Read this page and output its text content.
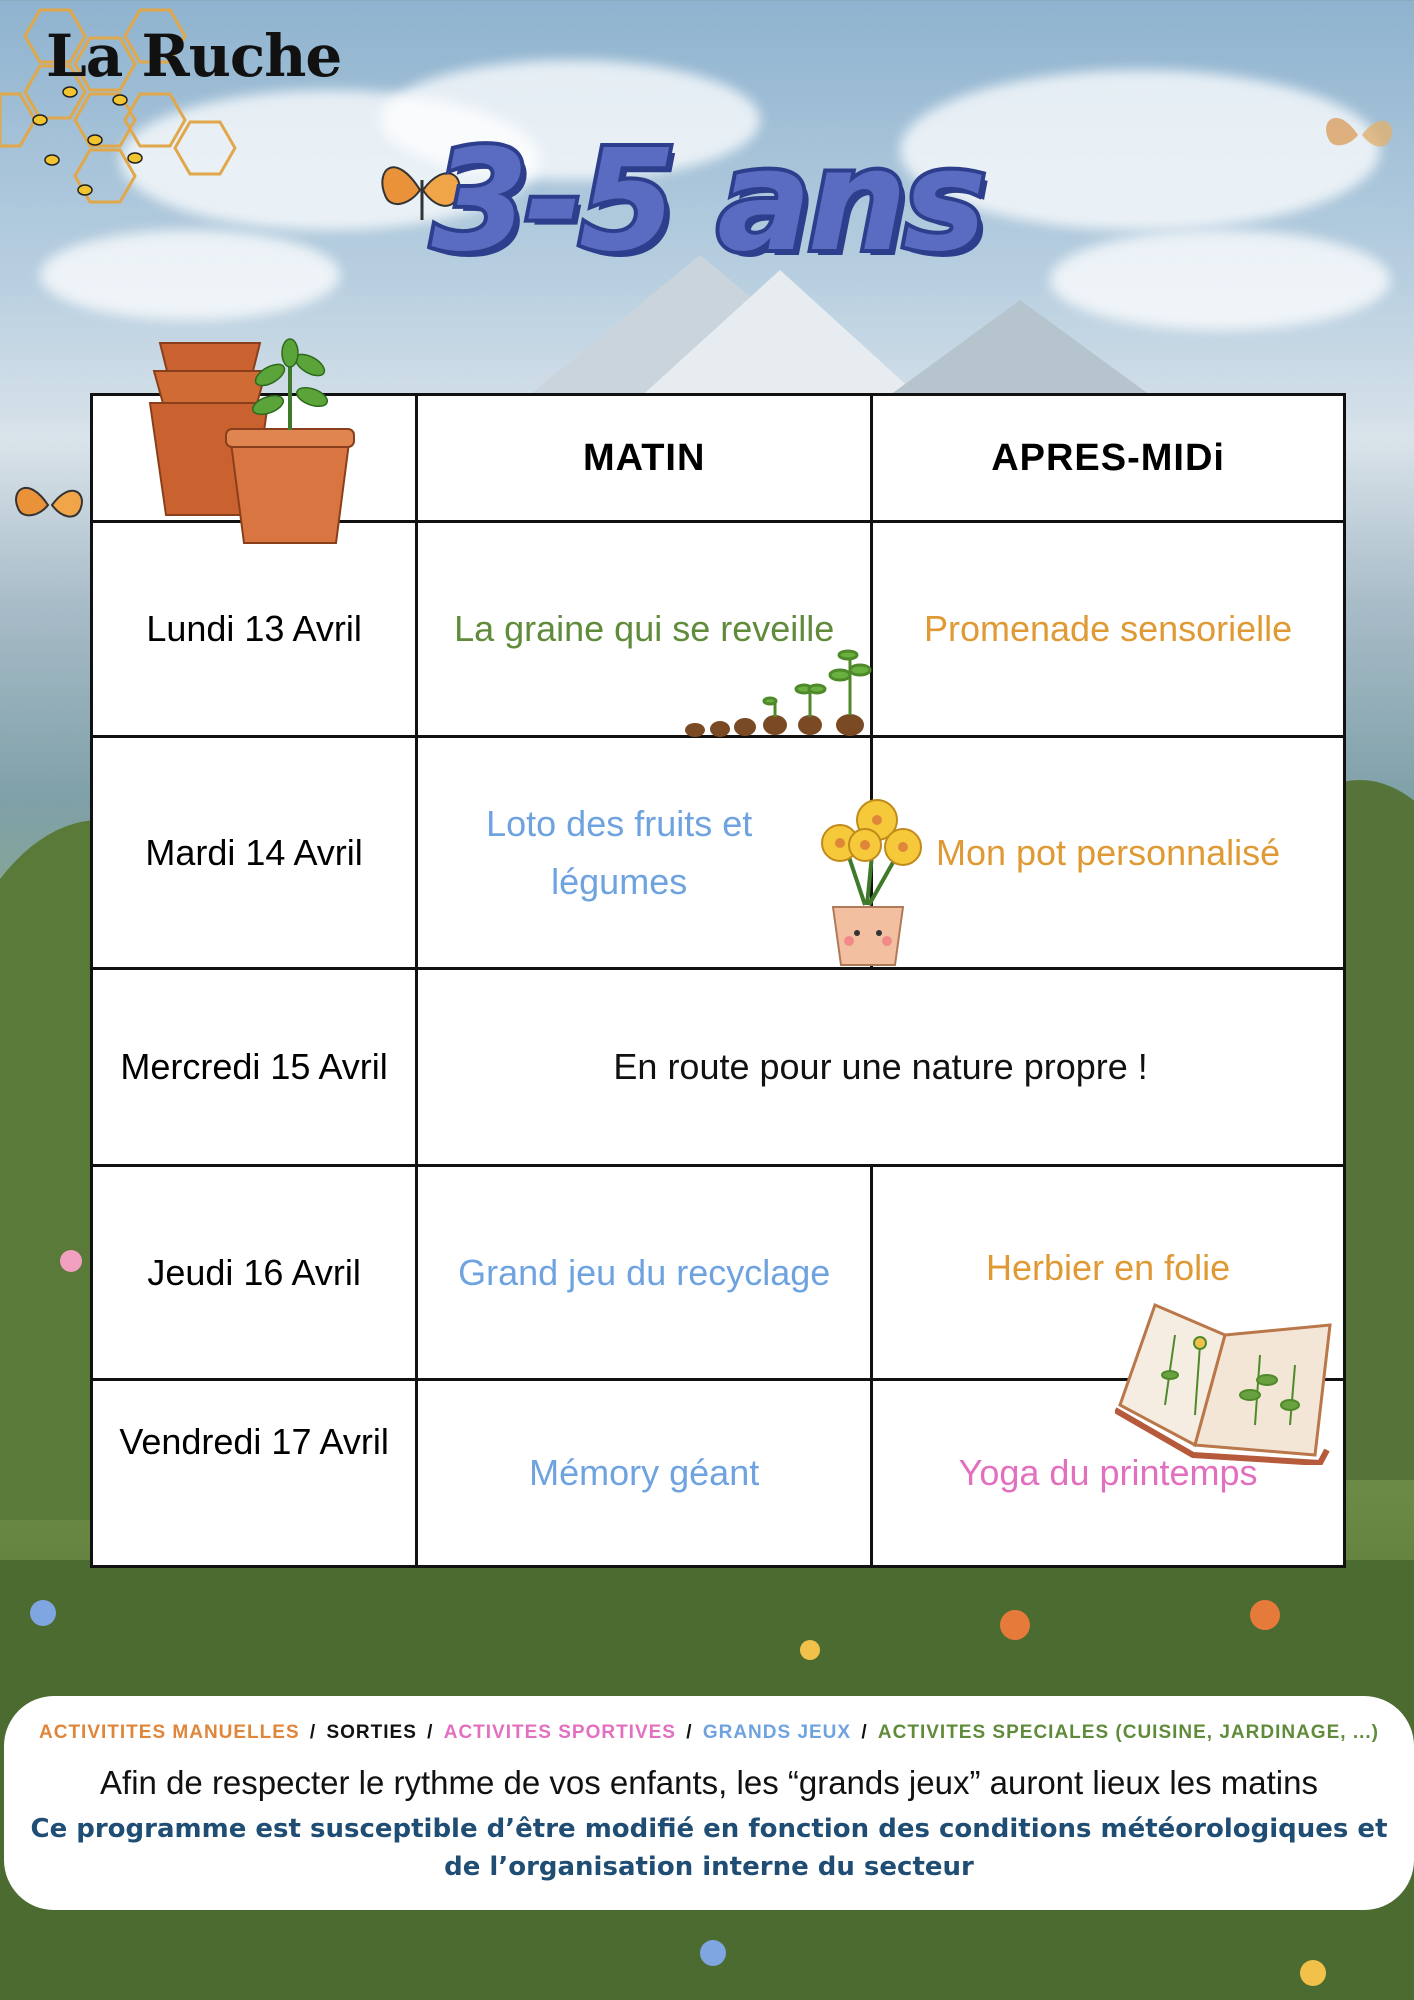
La Ruche
3-5 ans
	MATIN	APRES-MIDi
Lundi 13 Avril	La graine qui se reveille	Promenade sensorielle
Mardi 14 Avril	Loto des fruits et légumes	Mon pot personnalisé
Mercredi 15 Avril	En route pour une nature propre !	
Jeudi 16 Avril	Grand jeu du recyclage	Herbier en folie
Vendredi 17 Avril	Mémory géant	Yoga du printemps
ACTIVITITES MANUELLES / SORTIES / ACTIVITES SPORTIVES / GRANDS JEUX / ACTIVITES SPECIALES (CUISINE, JARDINAGE, ...)
Afin de respecter le rythme de vos enfants, les “grands jeux” auront lieux les matins
Ce programme est susceptible d’être modifié en fonction des conditions météorologiques et de l’organisation interne du secteur
